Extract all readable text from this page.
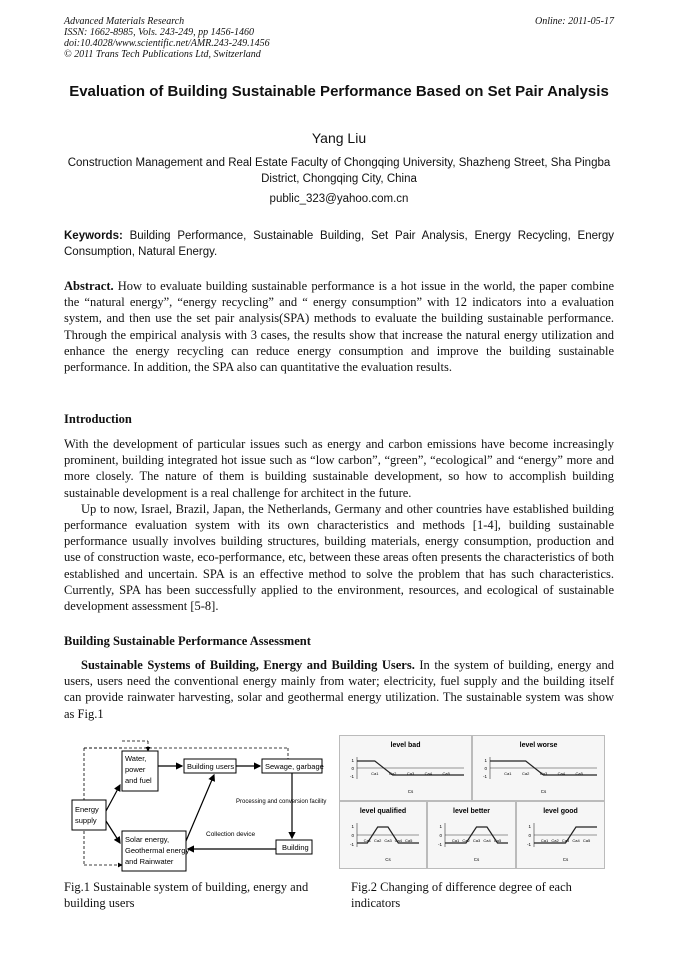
Advanced Materials Research
ISSN: 1662-8985, Vols. 243-249, pp 1456-1460
doi:10.4028/www.scientific.net/AMR.243-249.1456
© 2011 Trans Tech Publications Ltd, Switzerland
Online: 2011-05-17
Evaluation of Building Sustainable Performance Based on Set Pair Analysis
Yang Liu
Construction Management and Real Estate Faculty of Chongqing University, Shazheng Street, Sha Pingba District, Chongqing City, China
public_323@yahoo.com.cn
Keywords: Building Performance, Sustainable Building, Set Pair Analysis, Energy Recycling, Energy Consumption, Natural Energy.

Abstract. How to evaluate building sustainable performance is a hot issue in the world, the paper combine the “natural energy”, “energy recycling” and “ energy consumption” with 12 indicators into a evaluation system, and then use the set pair analysis(SPA) methods to evaluate the building sustainable performance. Through the empirical analysis with 3 cases, the results show that increase the natural energy utilization and enhance the energy recycling can reduce energy consumption and improve the building sustainable performance. In addition, the SPA also can quantitative the evaluation results.

Introduction

With the development of particular issues such as energy and carbon emissions have become increasingly prominent, building integrated hot issue such as “low carbon”, “green”, “ecological” and “energy” more and more closely. The nature of them is building sustainable development, so how to accomplish building sustainable development is a real challenge for architect in the future.

Up to now, Israel, Brazil, Japan, the Netherlands, Germany and other countries have established building performance evaluation system with its own characteristics and methods [1-4], building sustainable performance usually involves building structures, building materials, energy consumption, production and use of construction waste, eco-performance, etc, between these areas often presents the characteristics of both established and uncertain. SPA is an effective method to solve the problem that has such characteristics. Currently, SPA has been successfully applied to the environment, resources, and ecological of sustainable development assessment [5-8].

Building Sustainable Performance Assessment

Sustainable Systems of Building, Energy and Building Users. In the system of building, energy and users, users need the conventional energy mainly from water; electricity, fuel supply and the building itself can provide rainwater harvesting, solar and geothermal energy utilization. The sustainable system was show as Fig.1

Water,
power
and fuel
Building users	Sewage, garbage
Energy
supply
Solar energy,
Geothermal energy
and Rainwater
Building
Processing and conversion facility
Collection device
Fig.1 Sustainable system of building, energy and building users
level bad
1
0
-1
Ca1	Ca2	Ca3	Ca4	Ca5
Cs
level worse
1
0
-1
Ca1	Ca2	Ca3	Ca4	Ca5
Cs
level qualified
1
0
-1
Ca1 Ca2 Ca3 Ca4 Ca5
Cs
level better
1
0
-1
Ca1 Ca2 Ca3 Ca4 Ca5
Cs
level good
1
0
-1
Ca1 Ca2 Ca3 Ca4 Ca5
Cs
Fig.2 Changing of difference degree of each indicators
